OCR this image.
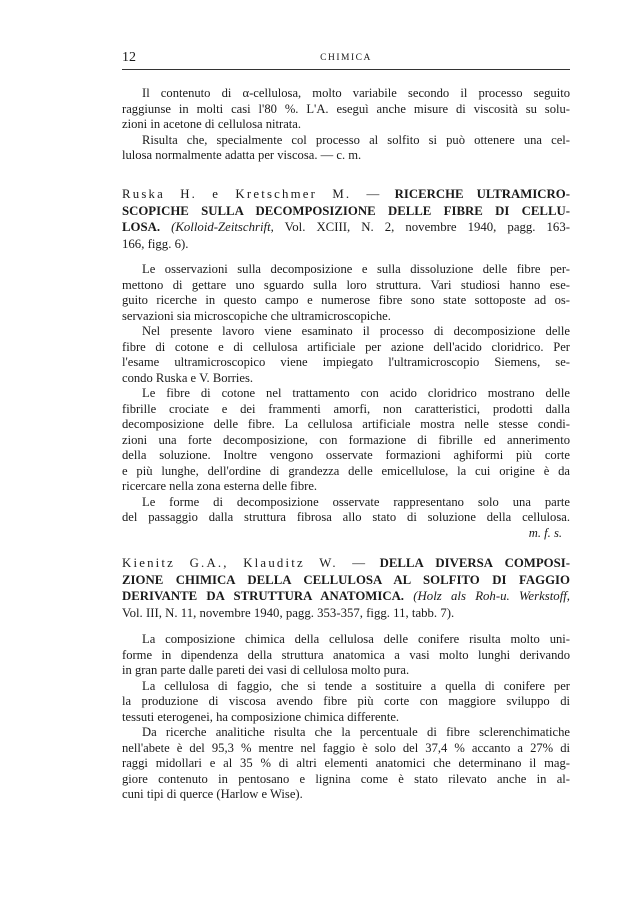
12	CHIMICA
Il contenuto di α-cellulosa, molto variabile secondo il processo seguito
raggiunse in molti casi l'80 %. L'A. eseguì anche misure di viscosità su solu-
zioni in acetone di cellulosa nitrata.
Risulta che, specialmente col processo al solfito si può ottenere una cel-
lulosa normalmente adatta per viscosa. — c. m.
Ruska H. e Kretschmer M. — RICERCHE ULTRAMICRO-
SCOPICHE SULLA DECOMPOSIZIONE DELLE FIBRE DI CELLU-
LOSA. (Kolloid-Zeitschrift, Vol. XCIII, N. 2, novembre 1940, pagg. 163-
166, figg. 6).
Le osservazioni sulla decomposizione e sulla dissoluzione delle fibre per-
mettono di gettare uno sguardo sulla loro struttura. Vari studiosi hanno ese-
guito ricerche in questo campo e numerose fibre sono state sottoposte ad os-
servazioni sia microscopiche che ultramicroscopiche.
Nel presente lavoro viene esaminato il processo di decomposizione delle
fibre di cotone e di cellulosa artificiale per azione dell'acido cloridrico. Per
l'esame ultramicroscopico viene impiegato l'ultramicroscopio Siemens, se-
condo Ruska e V. Borries.
Le fibre di cotone nel trattamento con acido cloridrico mostrano delle
fibrille crociate e dei frammenti amorfi, non caratteristici, prodotti dalla
decomposizione delle fibre. La cellulosa artificiale mostra nelle stesse condi-
zioni una forte decomposizione, con formazione di fibrille ed annerimento
della soluzione. Inoltre vengono osservate formazioni aghiformi più corte
e più lunghe, dell'ordine di grandezza delle emicellulose, la cui origine è da
ricercare nella zona esterna delle fibre.
Le forme di decomposizione osservate rappresentano solo una parte
del passaggio dalla struttura fibrosa allo stato di soluzione della cellulosa.
m. f. s.
Kienitz G.A., Klauditz W. — DELLA DIVERSA COMPOSI-
ZIONE CHIMICA DELLA CELLULOSA AL SOLFITO DI FAGGIO
DERIVANTE DA STRUTTURA ANATOMICA. (Holz als Roh-u. Werkstoff,
Vol. III, N. 11, novembre 1940, pagg. 353-357, figg. 11, tabb. 7).
La composizione chimica della cellulosa delle conifere risulta molto uni-
forme in dipendenza della struttura anatomica a vasi molto lunghi derivando
in gran parte dalle pareti dei vasi di cellulosa molto pura.
La cellulosa di faggio, che si tende a sostituire a quella di conifere per
la produzione di viscosa avendo fibre più corte con maggiore sviluppo di
tessuti eterogenei, ha composizione chimica differente.
Da ricerche analitiche risulta che la percentuale di fibre sclerenchimatiche
nell'abete è del 95,3 % mentre nel faggio è solo del 37,4 % accanto a 27% di
raggi midollari e al 35 % di altri elementi anatomici che determinano il mag-
giore contenuto in pentosano e lignina come è stato rilevato anche in al-
cuni tipi di querce (Harlow e Wise).
